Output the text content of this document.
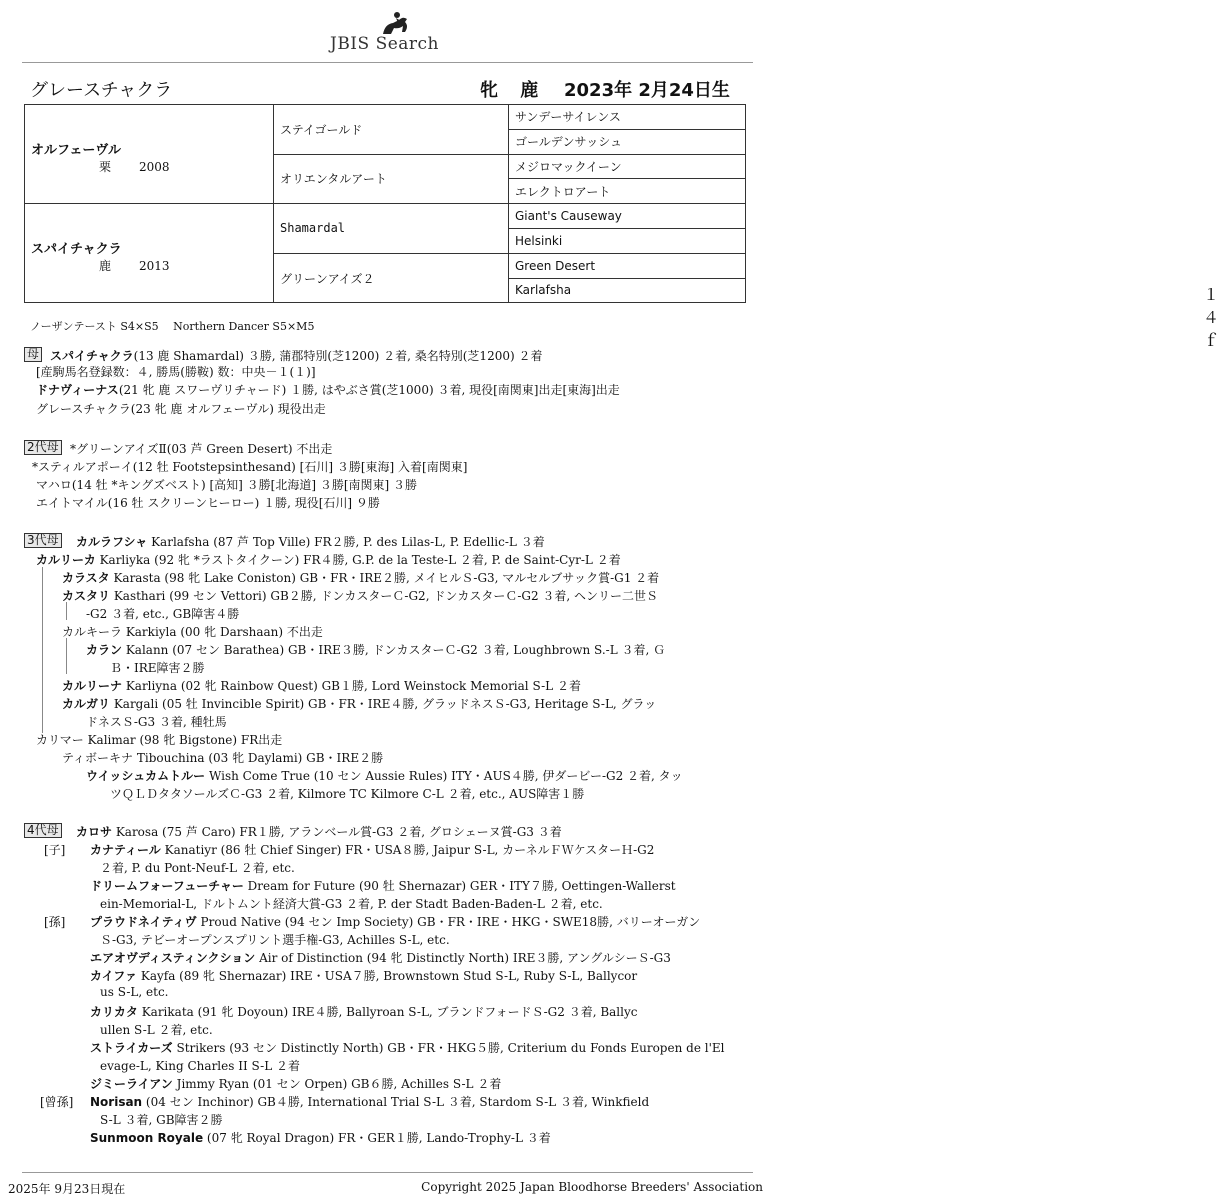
JBIS Search
グレースチャクラ	牝 鹿 2023年 2月24日生
オルフェーヴル
栗 2008	ステイゴールド	サンデーサイレンス
		ゴールデンサッシュ
	オリエンタルアート	メジロマックイーン
		エレクトロアート

スパイチャクラ
鹿 2013	Shamardal	Giant's Causeway
		Helsinki
	グリーンアイズ２	Green Desert
		Karlafsha １４ｆ
ノーザンテースト S4×S5　 Northern Dancer S5×M5
母 スパイチャクラ(13 鹿 Shamardal) ３勝, 蒲郡特別(芝1200) ２着, 桑名特別(芝1200) ２着
[産駒馬名登録数：４, 勝馬(勝鞍) 数：中央－１(１)]
ドナヴィーナス(21 牝 鹿 スワーヴリチャード) １勝, はやぶさ賞(芝1000) ３着, 現役[南関東]出走[東海]出走
グレースチャクラ(23 牝 鹿 オルフェーヴル) 現役出走
2代母 *グリーンアイズⅡ(03 芦 Green Desert) 不出走
*スティルアポーイ(12 牡 Footstepsinthesand) [石川] ３勝[東海] 入着[南関東]
マハロ(14 牡 *キングズベスト) [高知] ３勝[北海道] ３勝[南関東] ３勝
エイトマイル(16 牡 スクリーンヒーロー) １勝, 現役[石川] ９勝
3代母	カルラフシャ Karlafsha (87 芦 Top Ville) FR２勝, P. des Lilas-L, P. Edellic-L ３着
カルリーカ Karliyka (92 牝 *ラストタイクーン) FR４勝, G.P. de la Teste-L ２着, P. de Saint-Cyr-L ２着
カラスタ Karasta (98 牝 Lake Coniston) GB・FR・IRE２勝, メイヒルＳ-G3, マルセルブサック賞-G1 ２着
カスタリ Kasthari (99 セン Vettori) GB２勝, ドンカスターＣ-G2, ドンカスターＣ-G2 ３着, ヘンリー二世Ｓ
-G2 ３着, etc., GB障害４勝
カルキーラ Karkiyla (00 牝 Darshaan) 不出走
カラン Kalann (07 セン Barathea) GB・IRE３勝, ドンカスターＣ-G2 ３着, Loughbrown S.-L ３着, Ｇ
Ｂ・IRE障害２勝
カルリーナ Karliyna (02 牝 Rainbow Quest) GB１勝, Lord Weinstock Memorial S-L ２着
カルガリ Kargali (05 牡 Invincible Spirit) GB・FR・IRE４勝, グラッドネスＳ-G3, Heritage S-L, グラッ
ドネスＳ-G3 ３着, 種牡馬
カリマー Kalimar (98 牝 Bigstone) FR出走
ティボーキナ Tibouchina (03 牝 Daylami) GB・IRE２勝
ウイッシュカムトルー Wish Come True (10 セン Aussie Rules) ITY・AUS４勝, 伊ダービー-G2 ２着, タッ
ツＱＬＤタタソールズＣ-G3 ２着, Kilmore TC Kilmore C-L ２着, etc., AUS障害１勝
4代母	カロサ Karosa (75 芦 Caro) FR１勝, アランベール賞-G3 ２着, グロシェーヌ賞-G3 ３着
カナティール Kanatiyr (86 牡 Chief Singer) FR・USA８勝, Jaipur S-L, カーネルＦＷケスターＨ-G2
２着, P. du Pont-Neuf-L ２着, etc.
ドリームフォーフューチャー Dream for Future (90 牡 Shernazar) GER・ITY７勝, Oettingen-Wallerst
ein-Memorial-L, ドルトムント経済大賞-G3 ２着, P. der Stadt Baden-Baden-L ２着, etc.
プラウドネイティヴ Proud Native (94 セン Imp Society) GB・FR・IRE・HKG・SWE18勝, バリーオーガン
Ｓ-G3, テビーオープンスプリント選手権-G3, Achilles S-L, etc.
エアオヴディスティンクション Air of Distinction (94 牝 Distinctly North) IRE３勝, アングルシーＳ-G3
カイファ Kayfa (89 牝 Shernazar) IRE・USA７勝, Brownstown Stud S-L, Ruby S-L, Ballycor
us S-L, etc.
カリカタ Karikata (91 牝 Doyoun) IRE４勝, Ballyroan S-L, ブランドフォードＳ-G2 ３着, Ballyc
ullen S-L ２着, etc.
ストライカーズ Strikers (93 セン Distinctly North) GB・FR・HKG５勝, Criterium du Fonds Europen de l'El
evage-L, King Charles II S-L ２着
ジミーライアン Jimmy Ryan (01 セン Orpen) GB６勝, Achilles S-L ２着
Norisan (04 セン Inchinor) GB４勝, International Trial S-L ３着, Stardom S-L ３着, Winkfield
S-L ３着, GB障害２勝
Sunmoon Royale (07 牝 Royal Dragon) FR・GER１勝, Lando-Trophy-L ３着
[子]
[孫]
[曾孫]
2025年 9月23日現在	Copyright 2025 Japan Bloodhorse Breeders' Association
